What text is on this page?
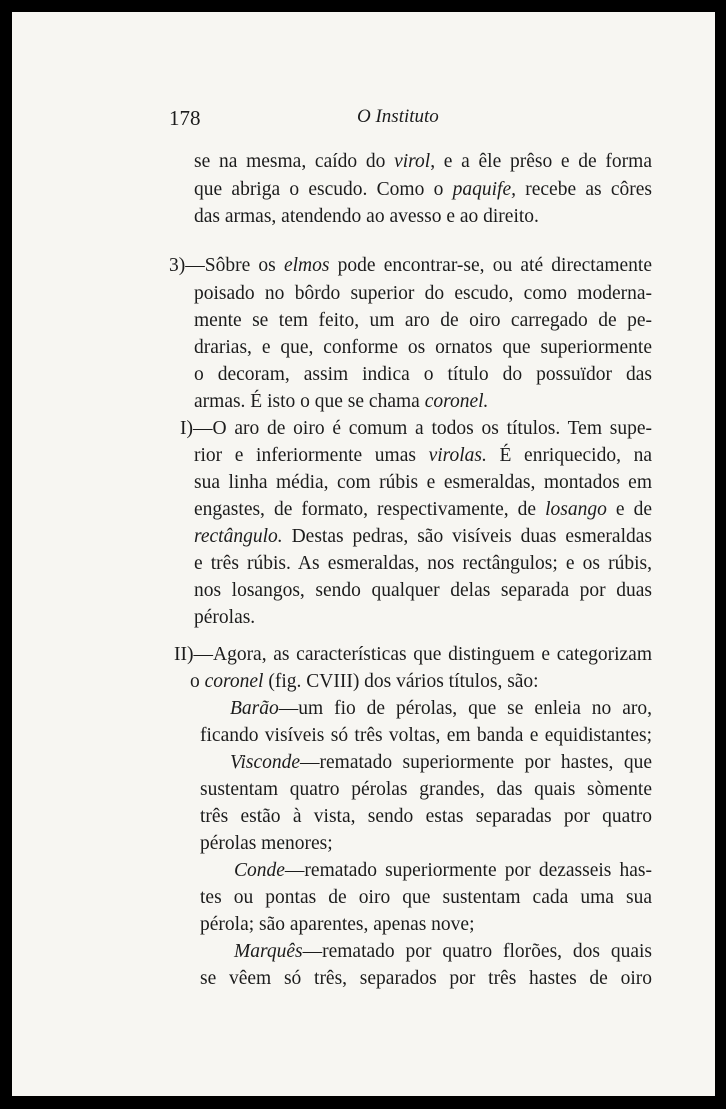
178	O Instituto
se na mesma, caído do virol, e a êle prêso e de forma
que abriga o escudo. Como o paquife, recebe as côres
das armas, atendendo ao avesso e ao direito.
3)—Sôbre os elmos pode encontrar-se, ou até directamente
poisado no bôrdo superior do escudo, como moderna-
mente se tem feito, um aro de oiro carregado de pe-
drarias, e que, conforme os ornatos que superiormente
o decoram, assim indica o título do possuïdor das
armas. É isto o que se chama coronel.
I)—O aro de oiro é comum a todos os títulos. Tem supe-
rior e inferiormente umas virolas. É enriquecido, na
sua linha média, com rúbis e esmeraldas, montados em
engastes, de formato, respectivamente, de losango e de
rectângulo. Destas pedras, são visíveis duas esmeraldas
e três rúbis. As esmeraldas, nos rectângulos; e os rúbis,
nos losangos, sendo qualquer delas separada por duas
pérolas.
II)—Agora, as características que distinguem e categorizam
o coronel (fig. CVIII) dos vários títulos, são:
Barão—um fio de pérolas, que se enleia no aro,
ficando visíveis só três voltas, em banda e equidistantes;
Visconde—rematado superiormente por hastes, que
sustentam quatro pérolas grandes, das quais sòmente
três estão à vista, sendo estas separadas por quatro
pérolas menores;
Conde—rematado superiormente por dezasseis has-
tes ou pontas de oiro que sustentam cada uma sua
pérola; são aparentes, apenas nove;
Marquês—rematado por quatro florões, dos quais
se vêem só três, separados por três hastes de oiro
